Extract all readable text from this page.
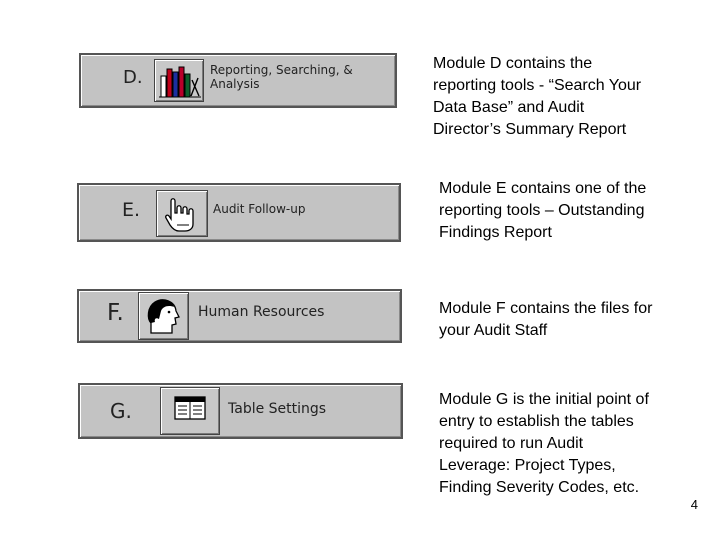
D.	Reporting, Searching, &
Analysis

Module D contains the
reporting tools - “Search Your
Data Base” and Audit
Director’s Summary Report

E.	Audit Follow-up

Module E contains one of the
reporting tools – Outstanding
Findings Report

F.	Human Resources	Module F contains the files for
your Audit Staff

G.	Table Settings

Module G is the initial point of
entry to establish the tables
required to run Audit
Leverage: Project Types,
Finding Severity Codes, etc.

4
